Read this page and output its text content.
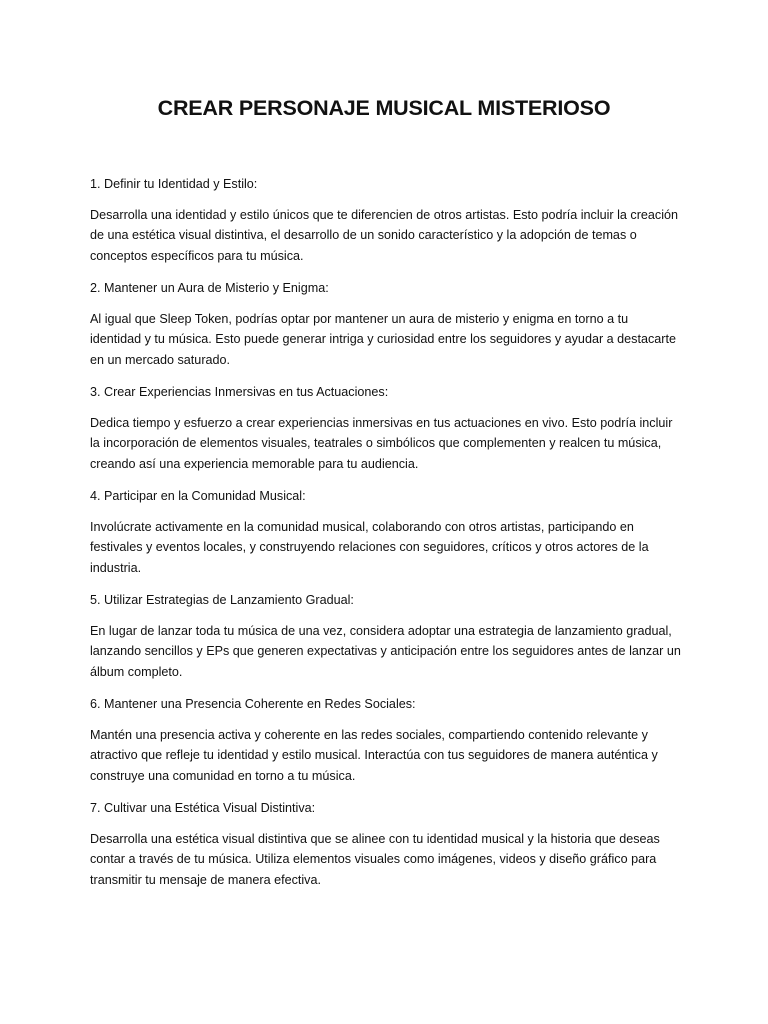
CREAR PERSONAJE MUSICAL MISTERIOSO

1. Definir tu Identidad y Estilo:

Desarrolla una identidad y estilo únicos que te diferencien de otros artistas. Esto podría incluir la creación de una estética visual distintiva, el desarrollo de un sonido característico y la adopción de temas o conceptos específicos para tu música.

2. Mantener un Aura de Misterio y Enigma:

Al igual que Sleep Token, podrías optar por mantener un aura de misterio y enigma en torno a tu identidad y tu música. Esto puede generar intriga y curiosidad entre los seguidores y ayudar a destacarte en un mercado saturado.

3. Crear Experiencias Inmersivas en tus Actuaciones:

Dedica tiempo y esfuerzo a crear experiencias inmersivas en tus actuaciones en vivo. Esto podría incluir la incorporación de elementos visuales, teatrales o simbólicos que complementen y realcen tu música, creando así una experiencia memorable para tu audiencia.

4. Participar en la Comunidad Musical:

Involúcrate activamente en la comunidad musical, colaborando con otros artistas, participando en festivales y eventos locales, y construyendo relaciones con seguidores, críticos y otros actores de la industria.

5. Utilizar Estrategias de Lanzamiento Gradual:

En lugar de lanzar toda tu música de una vez, considera adoptar una estrategia de lanzamiento gradual, lanzando sencillos y EPs que generen expectativas y anticipación entre los seguidores antes de lanzar un álbum completo.

6. Mantener una Presencia Coherente en Redes Sociales:

Mantén una presencia activa y coherente en las redes sociales, compartiendo contenido relevante y atractivo que refleje tu identidad y estilo musical. Interactúa con tus seguidores de manera auténtica y construye una comunidad en torno a tu música.

7. Cultivar una Estética Visual Distintiva:

Desarrolla una estética visual distintiva que se alinee con tu identidad musical y la historia que deseas contar a través de tu música. Utiliza elementos visuales como imágenes, videos y diseño gráfico para transmitir tu mensaje de manera efectiva.
